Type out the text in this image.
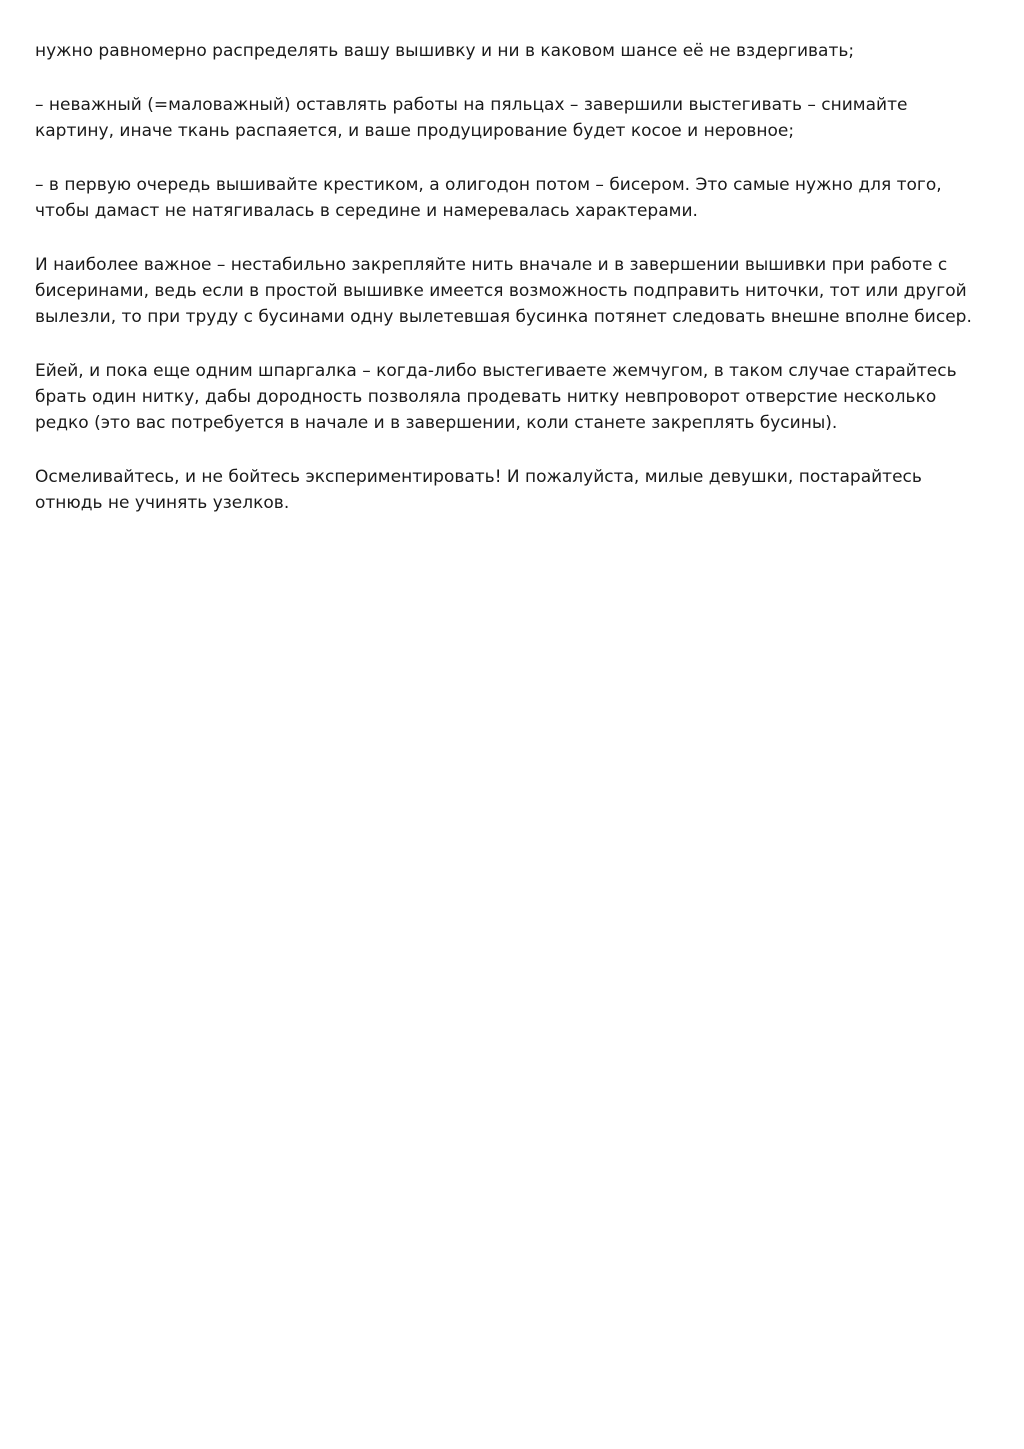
нужно равномерно распределять вашу вышивку и ни в каковом шансе её не вздергивать;

– неважный (=маловажный) оставлять работы на пяльцах – завершили выстегивать – снимайте картину, иначе ткань распаяется, и ваше продуцирование будет косое и неровное;

– в первую очередь вышивайте крестиком, а олигодон потом – бисером. Это самые нужно для того, чтобы дамаст не натягивалась в середине и намеревалась характерами.

И наиболее важное – нестабильно закрепляйте нить вначале и в завершении вышивки при работе с бисеринами, ведь если в простой вышивке имеется возможность подправить ниточки, тот или другой вылезли, то при труду с бусинами одну вылетевшая бусинка потянет следовать внешне вполне бисер.

Ейей, и пока еще одним шпаргалка – когда-либо выстегиваете жемчугом, в таком случае старайтесь брать один нитку, дабы дородность позволяла продевать нитку невпроворот отверстие несколько редко (это вас потребуется в начале и в завершении, коли станете закреплять бусины).

Осмеливайтесь, и не бойтесь экспериментировать! И пожалуйста, милые девушки, постарайтесь отнюдь не учинять узелков.
